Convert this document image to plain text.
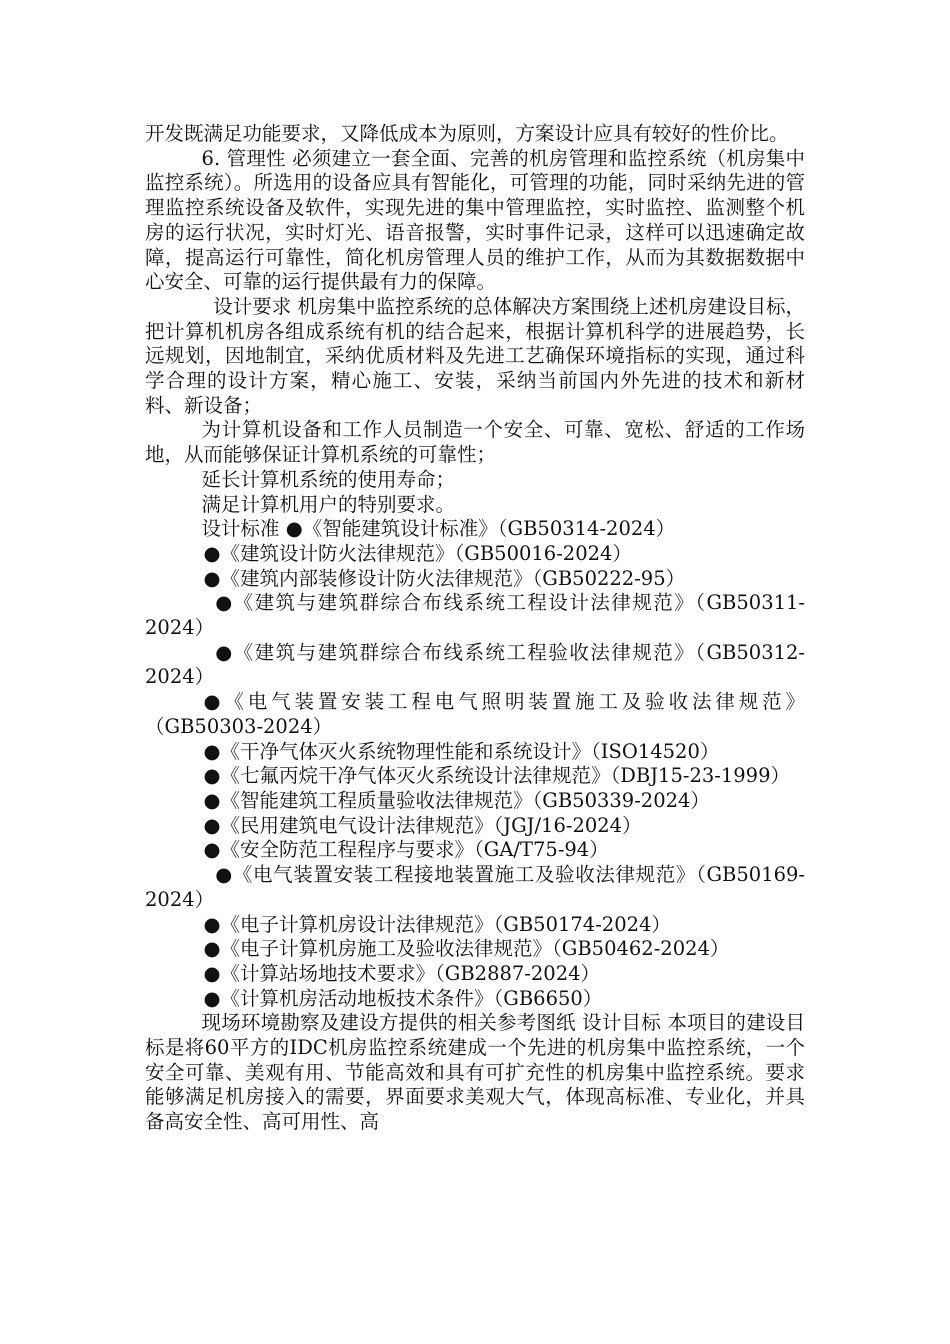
开发既满足功能要求，又降低成本为原则，方案设计应具有较好的性价比。

6. 管理性 必须建立一套全面、完善的机房管理和监控系统（机房集中监控系统）。所选用的设备应具有智能化，可管理的功能，同时采纳先进的管理监控系统设备及软件，实现先进的集中管理监控，实时监控、监测整个机房的运行状况，实时灯光、语音报警，实时事件记录，这样可以迅速确定故障，提高运行可靠性，简化机房管理人员的维护工作，从而为其数据数据中心安全、可靠的运行提供最有力的保障。

设计要求 机房集中监控系统的总体解决方案围绕上述机房建设目标，把计算机机房各组成系统有机的结合起来，根据计算机科学的进展趋势，长远规划，因地制宜，采纳优质材料及先进工艺确保环境指标的实现，通过科学合理的设计方案，精心施工、安装，采纳当前国内外先进的技术和新材料、新设备；

为计算机设备和工作人员制造一个安全、可靠、宽松、舒适的工作场地，从而能够保证计算机系统的可靠性；

延长计算机系统的使用寿命；

满足计算机用户的特别要求。

设计标准 ●《智能建筑设计标准》（GB50314-2024）

●《建筑设计防火法律规范》（GB50016-2024）

●《建筑内部装修设计防火法律规范》（GB50222-95）

●《建筑与建筑群综合布线系统工程设计法律规范》（GB50311-2024）

●《建筑与建筑群综合布线系统工程验收法律规范》（GB50312-2024）

●《电气装置安装工程电气照明装置施工及验收法律规范》（GB50303-2024）

●《干净气体灭火系统物理性能和系统设计》（ISO14520）

●《七氟丙烷干净气体灭火系统设计法律规范》（DBJ15-23-1999）

●《智能建筑工程质量验收法律规范》（GB50339-2024）

●《民用建筑电气设计法律规范》（JGJ/16-2024）

●《安全防范工程程序与要求》（GA/T75-94）

●《电气装置安装工程接地装置施工及验收法律规范》（GB50169-2024）

●《电子计算机房设计法律规范》（GB50174-2024）

●《电子计算机房施工及验收法律规范》（GB50462-2024）

●《计算站场地技术要求》（GB2887-2024）

●《计算机房活动地板技术条件》（GB6650）

现场环境勘察及建设方提供的相关参考图纸 设计目标 本项目的建设目标是将60平方的IDC机房监控系统建成一个先进的机房集中监控系统，一个安全可靠、美观有用、节能高效和具有可扩充性的机房集中监控系统。要求能够满足机房接入的需要，界面要求美观大气，体现高标准、专业化，并具备高安全性、高可用性、高
